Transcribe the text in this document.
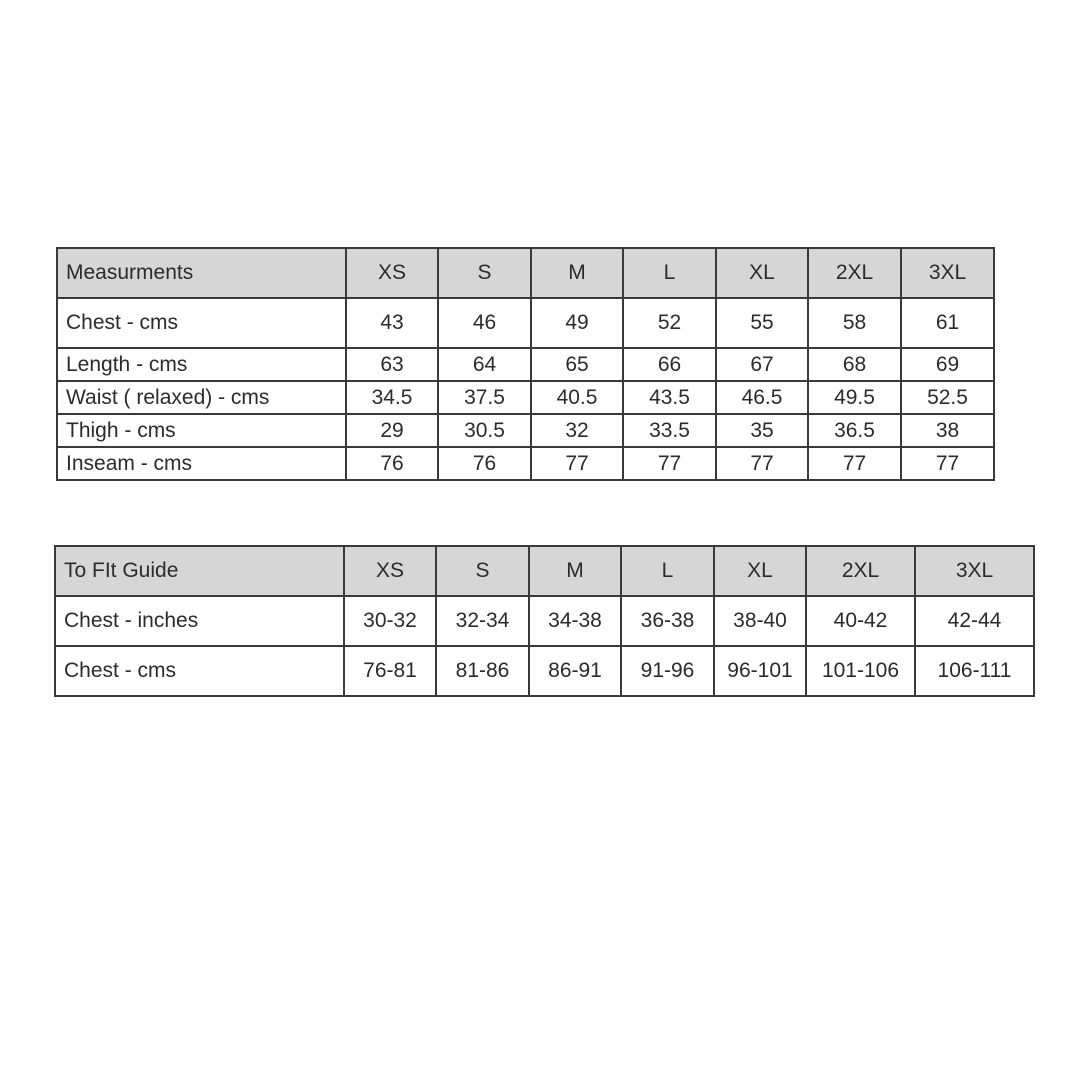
Measurments	XS	S	M	L	XL	2XL	3XL
Chest - cms	43	46	49	52	55	58	61
Length - cms	63	64	65	66	67	68	69
Waist ( relaxed) - cms	34.5	37.5	40.5	43.5	46.5	49.5	52.5
Thigh - cms	29	30.5	32	33.5	35	36.5	38
Inseam - cms	76	76	77	77	77	77	77
To FIt Guide	XS	S	M	L	XL	2XL	3XL
Chest - inches	30-32	32-34	34-38	36-38	38-40	40-42	42-44
Chest - cms	76-81	81-86	86-91	91-96	96-101	101-106	106-111
